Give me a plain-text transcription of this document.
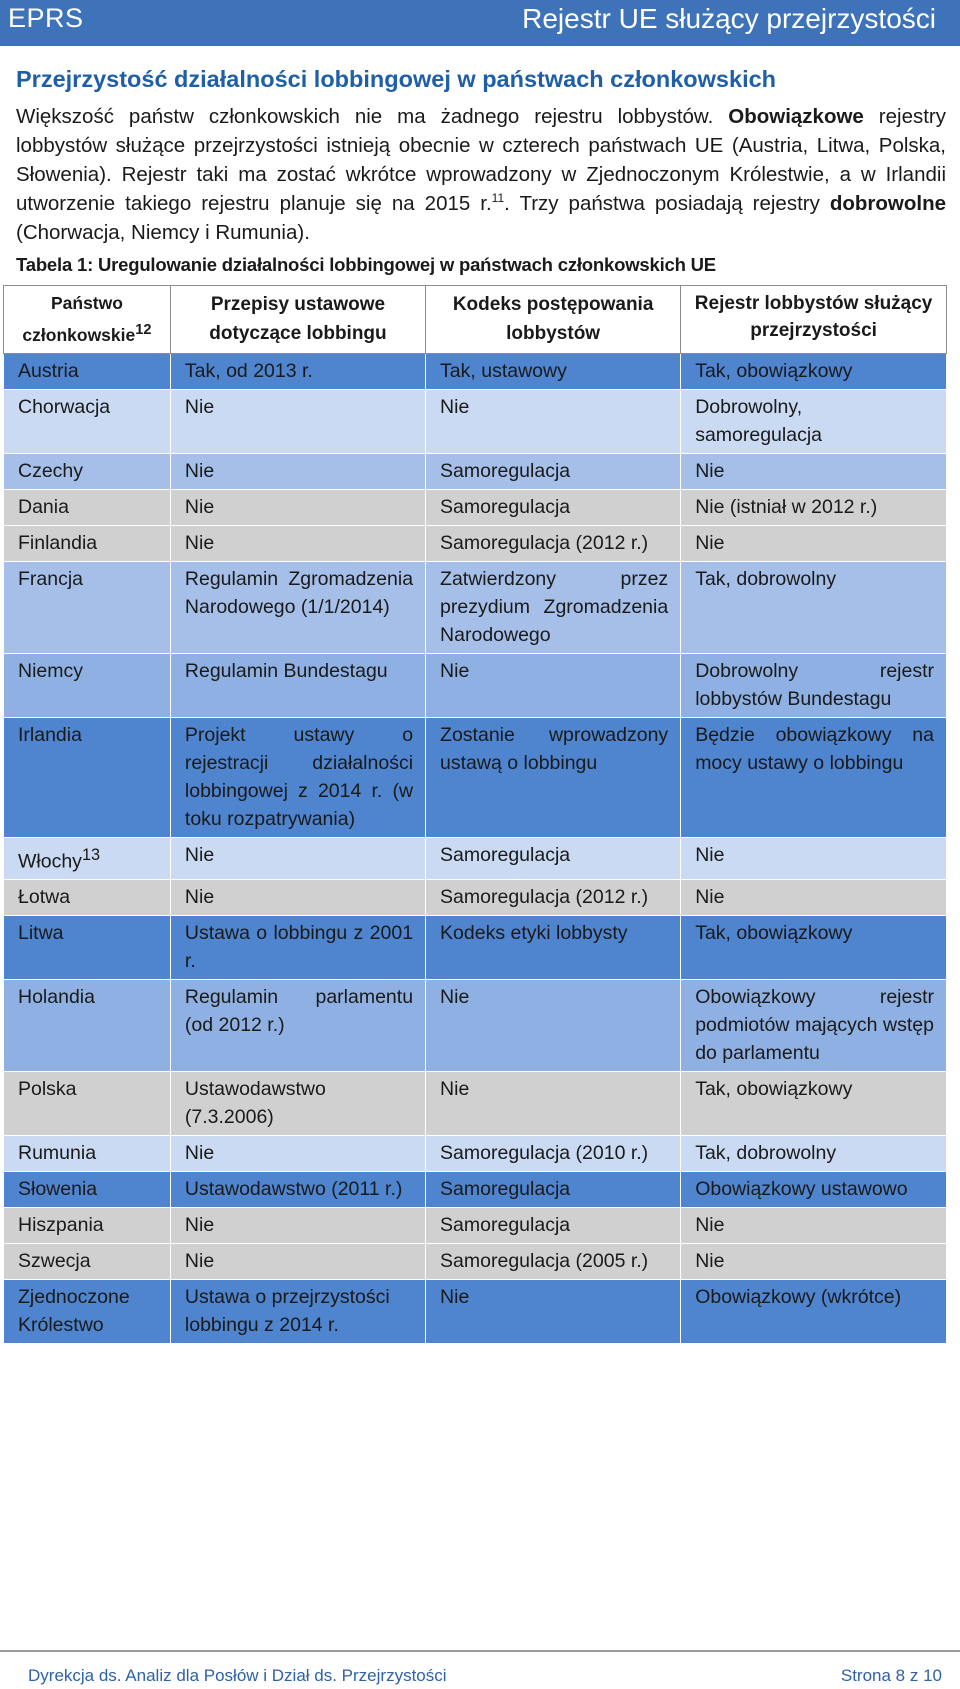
EPRS	Rejestr UE służący przejrzystości
Przejrzystość działalności lobbingowej w państwach członkowskich

Większość państw członkowskich nie ma żadnego rejestru lobbystów. Obowiązkowe rejestry lobbystów służące przejrzystości istnieją obecnie w czterech państwach UE (Austria, Litwa, Polska, Słowenia). Rejestr taki ma zostać wkrótce wprowadzony w Zjednoczonym Królestwie, a w Irlandii utworzenie takiego rejestru planuje się na 2015 r.$^{11}$. Trzy państwa posiadają rejestry dobrowolne (Chorwacja, Niemcy i Rumunia).

Tabela 1: Uregulowanie działalności lobbingowej w państwach członkowskich UE
Państwo członkowskie$^{12}$	Przepisy ustawowe dotyczące lobbingu	Kodeks postępowania lobbystów	Rejestr lobbystów służący przejrzystości
Austria	Tak, od 2013 r.	Tak, ustawowy	Tak, obowiązkowy
Chorwacja	Nie	Nie	Dobrowolny, samoregulacja
Czechy	Nie	Samoregulacja	Nie
Dania	Nie	Samoregulacja	Nie (istniał w 2012 r.)
Finlandia	Nie	Samoregulacja (2012 r.)	Nie
Francja	Regulamin Zgromadzenia Narodowego (1/1/2014)	Zatwierdzony przez prezydium Zgromadzenia Narodowego	Tak, dobrowolny
Niemcy	Regulamin Bundestagu	Nie	Dobrowolny rejestr lobbystów Bundestagu
Irlandia	Projekt ustawy o rejestracji działalności lobbingowej z 2014 r. (w toku rozpatrywania)	Zostanie wprowadzony ustawą o lobbingu	Będzie obowiązkowy na mocy ustawy o lobbingu
Włochy$^{13}$	Nie	Samoregulacja	Nie
Łotwa	Nie	Samoregulacja (2012 r.)	Nie
Litwa	Ustawa o lobbingu z 2001 r.	Kodeks etyki lobbysty	Tak, obowiązkowy
Holandia	Regulamin parlamentu (od 2012 r.)	Nie	Obowiązkowy rejestr podmiotów mających wstęp do parlamentu
Polska	Ustawodawstwo (7.3.2006)	Nie	Tak, obowiązkowy
Rumunia	Nie	Samoregulacja (2010 r.)	Tak, dobrowolny
Słowenia	Ustawodawstwo (2011 r.)	Samoregulacja	Obowiązkowy ustawowo
Hiszpania	Nie	Samoregulacja	Nie
Szwecja	Nie	Samoregulacja (2005 r.)	Nie
Zjednoczone Królestwo	Ustawa o przejrzystości lobbingu z 2014 r.	Nie	Obowiązkowy (wkrótce)
Dyrekcja ds. Analiz dla Posłów i Dział ds. Przejrzystości	Strona 8 z 10
